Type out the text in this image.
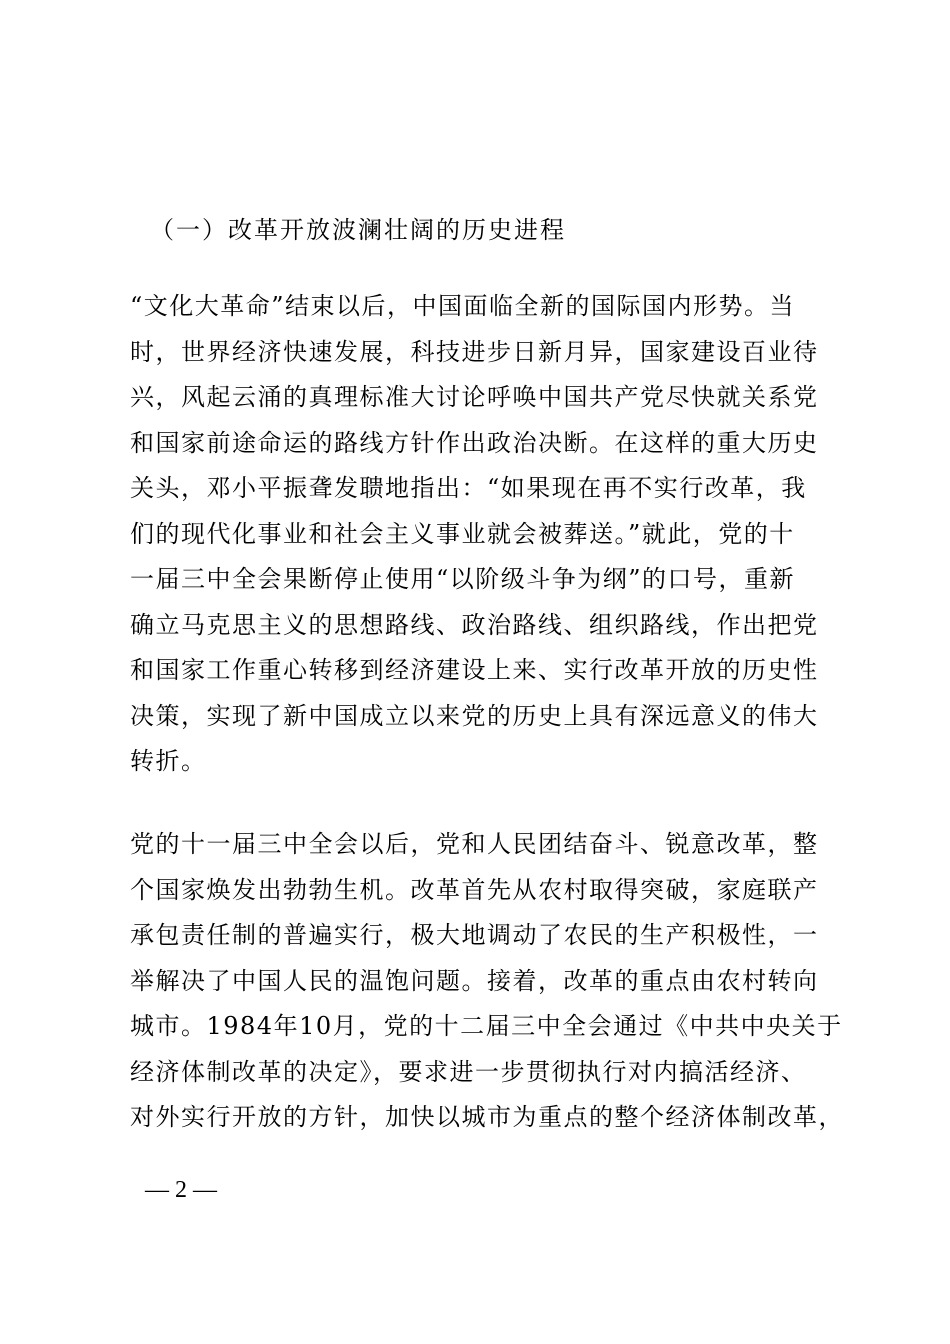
（一）改革开放波澜壮阔的历史进程
“文化大革命”结束以后，中国面临全新的国际国内形势。当
时，世界经济快速发展，科技进步日新月异，国家建设百业待
兴，风起云涌的真理标准大讨论呼唤中国共产党尽快就关系党
和国家前途命运的路线方针作出政治决断。在这样的重大历史
关头，邓小平振聋发聩地指出：“如果现在再不实行改革，我
们的现代化事业和社会主义事业就会被葬送。”就此，党的十
一届三中全会果断停止使用“以阶级斗争为纲”的口号，重新
确立马克思主义的思想路线、政治路线、组织路线，作出把党
和国家工作重心转移到经济建设上来、实行改革开放的历史性
决策，实现了新中国成立以来党的历史上具有深远意义的伟大
转折。
党的十一届三中全会以后，党和人民团结奋斗、锐意改革，整
个国家焕发出勃勃生机。改革首先从农村取得突破，家庭联产
承包责任制的普遍实行，极大地调动了农民的生产积极性，一
举解决了中国人民的温饱问题。接着，改革的重点由农村转向
城市。1984年10月，党的十二届三中全会通过《中共中央关于
经济体制改革的决定》，要求进一步贯彻执行对内搞活经济、
对外实行开放的方针，加快以城市为重点的整个经济体制改革，
— 2 —
